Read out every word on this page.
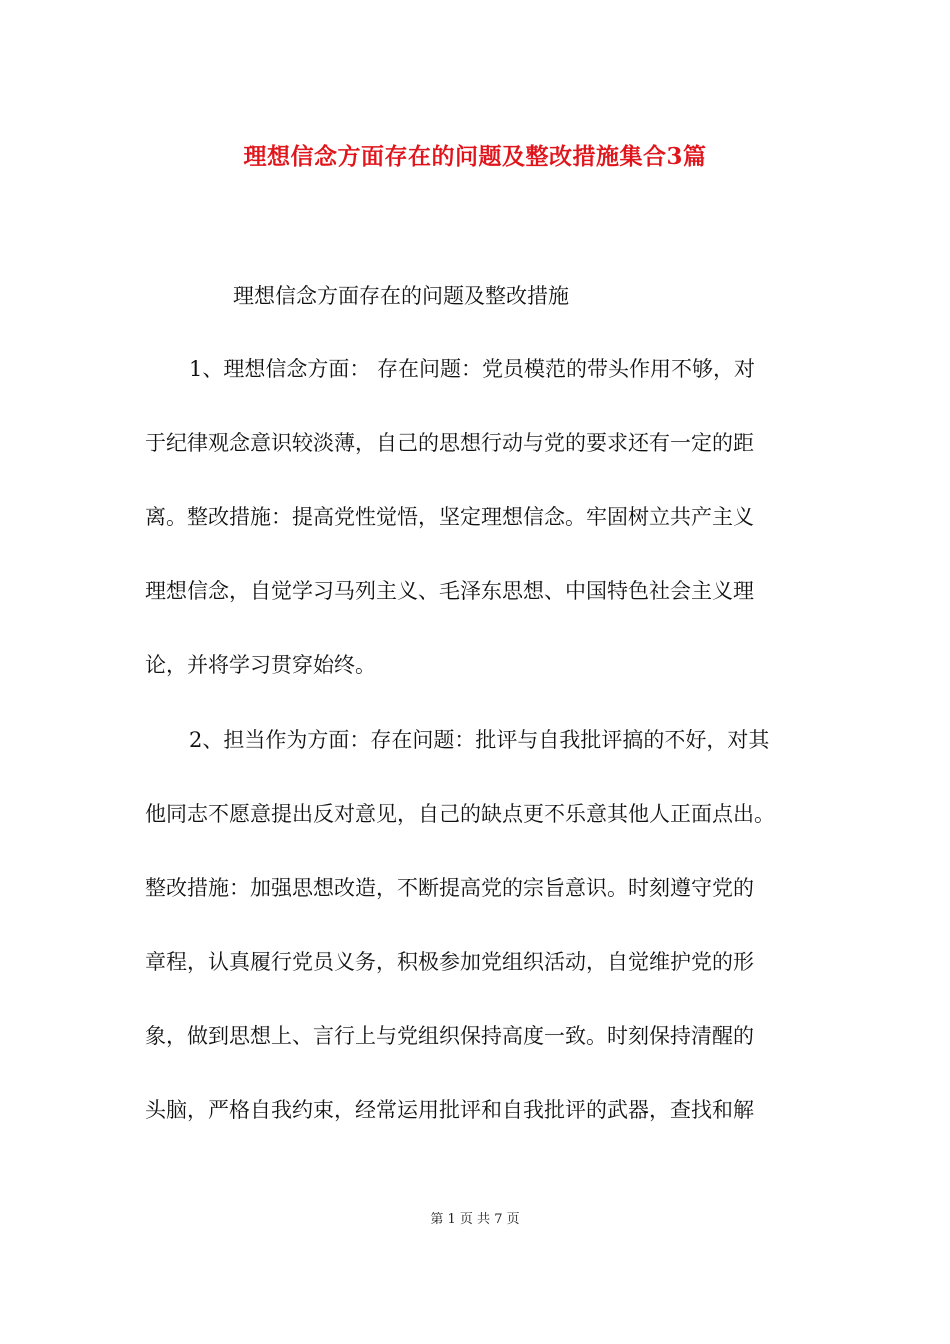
理想信念方面存在的问题及整改措施集合3篇

理想信念方面存在的问题及整改措施

1、理想信念方面： 存在问题：党员模范的带头作用不够，对
于纪律观念意识较淡薄，自己的思想行动与党的要求还有一定的距
离。整改措施：提高党性觉悟，坚定理想信念。牢固树立共产主义
理想信念，自觉学习马列主义、毛泽东思想、中国特色社会主义理
论，并将学习贯穿始终。
2、担当作为方面：存在问题：批评与自我批评搞的不好，对其
他同志不愿意提出反对意见，自己的缺点更不乐意其他人正面点出。
整改措施：加强思想改造，不断提高党的宗旨意识。时刻遵守党的
章程，认真履行党员义务，积极参加党组织活动，自觉维护党的形
象，做到思想上、言行上与党组织保持高度一致。时刻保持清醒的
头脑，严格自我约束，经常运用批评和自我批评的武器，查找和解
第 1 页 共 7 页
